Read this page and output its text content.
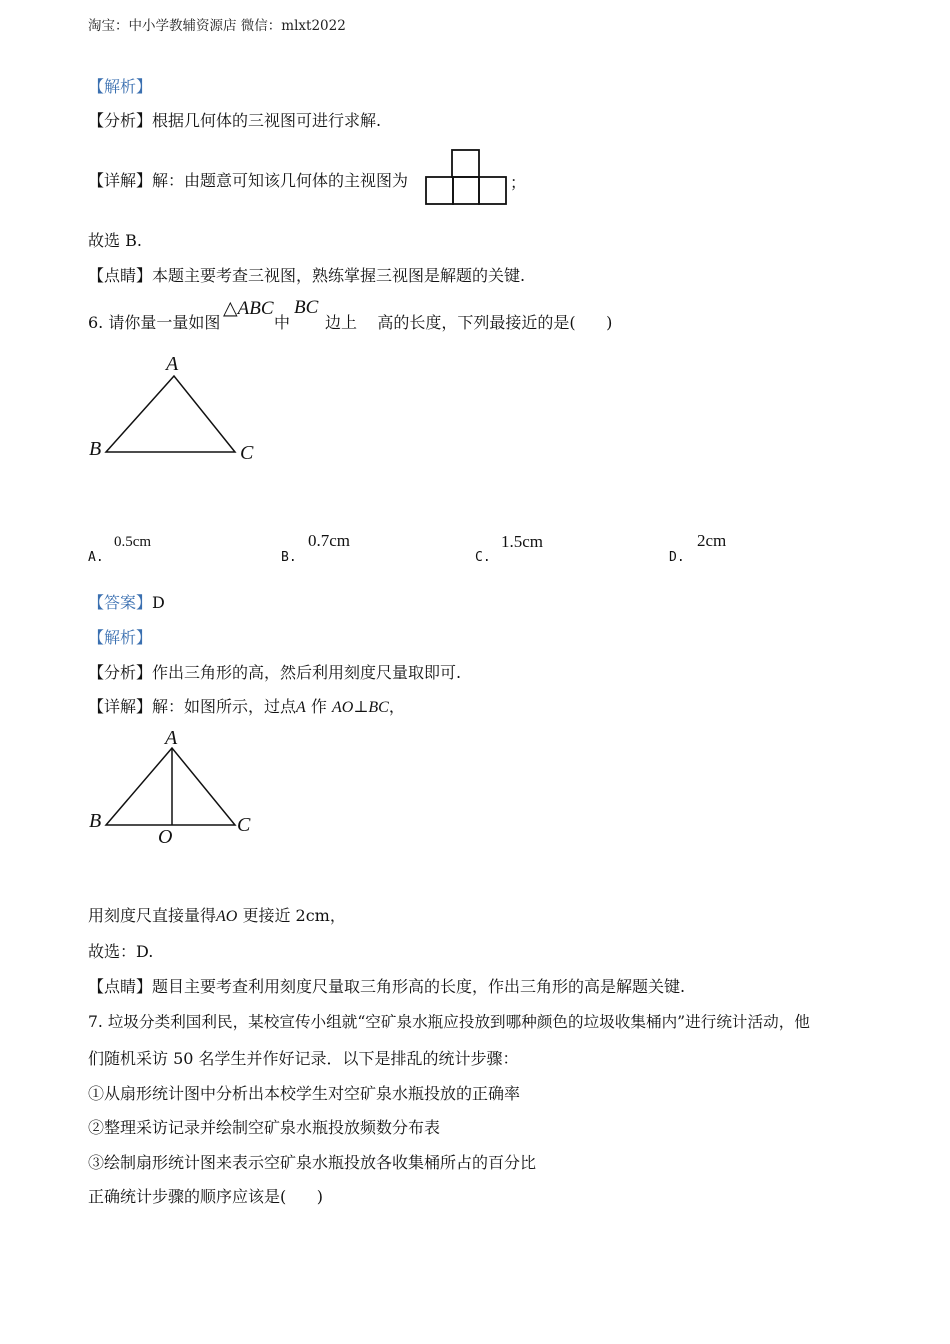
淘宝：中小学教辅资源店 微信：mlxt2022
【解析】
【分析】根据几何体的三视图可进行求解.
【详解】解：由题意可知该几何体的主视图为	；
故选 B.
【点睛】本题主要考查三视图，熟练掌握三视图是解题的关键.
6. 请你量一量如图
△ABC
中
BC
边上    高的长度，下列最接近的是(      )
A
B	C
A.
0.5cm
B.
0.7cm
C.
1.5cm
D.
2cm
【答案】D
【解析】
【分析】作出三角形的高，然后利用刻度尺量取即可.
【详解】解：如图所示，过点A 作 AO⊥BC，
A
B	C
O
用刻度尺直接量得AO 更接近 2cm，
故选：D.
【点睛】题目主要考查利用刻度尺量取三角形高的长度，作出三角形的高是解题关键.
7. 垃圾分类利国利民，某校宣传小组就“空矿泉水瓶应投放到哪种颜色的垃圾收集桶内”进行统计活动，他
们随机采访 50 名学生并作好记录．以下是排乱的统计步骤：
①从扇形统计图中分析出本校学生对空矿泉水瓶投放的正确率
②整理采访记录并绘制空矿泉水瓶投放频数分布表
③绘制扇形统计图来表示空矿泉水瓶投放各收集桶所占的百分比
正确统计步骤的顺序应该是(      )
